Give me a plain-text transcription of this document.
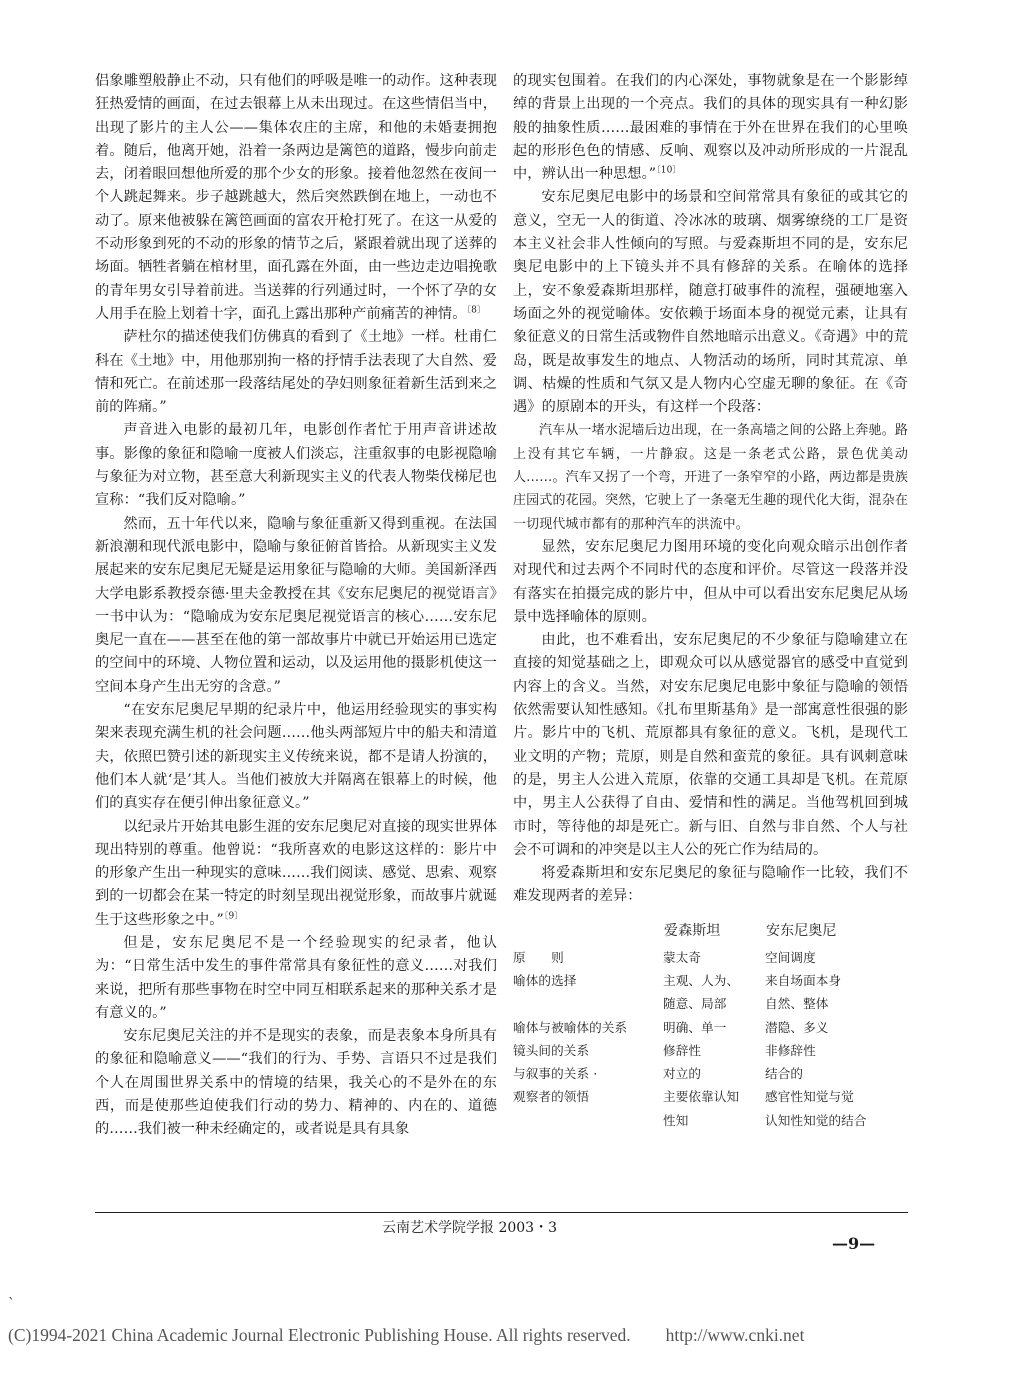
侣象雕塑般静止不动，只有他们的呼吸是唯一的动作。这种表现狂热爱情的画面，在过去银幕上从未出现过。在这些情侣当中，出现了影片的主人公——集体农庄的主席，和他的未婚妻拥抱着。随后，他离开她，沿着一条两边是篱笆的道路，慢步向前走去，闭着眼回想他所爱的那个少女的形象。接着他忽然在夜间一个人跳起舞来。步子越跳越大，然后突然跌倒在地上，一动也不动了。原来他被躲在篱笆画面的富农开枪打死了。在这一从爱的不动形象到死的不动的形象的情节之后，紧跟着就出现了送葬的场面。牺牲者躺在棺材里，面孔露在外面，由一些边走边唱挽歌的青年男女引导着前进。当送葬的行列通过时，一个怀了孕的女人用手在脸上划着十字，面孔上露出那种产前痛苦的神情。$^{〔8〕}$

萨杜尔的描述使我们仿佛真的看到了《土地》一样。杜甫仁科在《土地》中，用他那别拘一格的抒情手法表现了大自然、爱情和死亡。在前述那一段落结尾处的孕妇则象征着新生活到来之前的阵痛。”

声音进入电影的最初几年，电影创作者忙于用声音讲述故事。影像的象征和隐喻一度被人们淡忘，注重叙事的电影视隐喻与象征为对立物，甚至意大利新现实主义的代表人物柴伐梯尼也宣称：“我们反对隐喻。”

然而，五十年代以来，隐喻与象征重新又得到重视。在法国新浪潮和现代派电影中，隐喻与象征俯首皆拾。从新现实主义发展起来的安东尼奥尼无疑是运用象征与隐喻的大师。美国新泽西大学电影系教授奈德·里夫金教授在其《安东尼奥尼的视觉语言》一书中认为：“隐喻成为安东尼奥尼视觉语言的核心……安东尼奥尼一直在——甚至在他的第一部故事片中就已开始运用已选定的空间中的环境、人物位置和运动，以及运用他的摄影机使这一空间本身产生出无穷的含意。”

“在安东尼奥尼早期的纪录片中，他运用经验现实的事实构架来表现充满生机的社会问题……他头两部短片中的船夫和清道夫，依照巴赞引述的新现实主义传统来说，都不是请人扮演的，他们本人就‘是’其人。当他们被放大并隔离在银幕上的时候，他们的真实存在便引伸出象征意义。”

以纪录片开始其电影生涯的安东尼奥尼对直接的现实世界体现出特别的尊重。他曾说：“我所喜欢的电影这这样的：影片中的形象产生出一种现实的意味……我们阅读、感觉、思索、观察到的一切都会在某一特定的时刻呈现出视觉形象，而故事片就诞生于这些形象之中。”$^{〔9〕}$

但是，安东尼奥尼不是一个经验现实的纪录者，他认为：“日常生活中发生的事件常常具有象征性的意义……对我们来说，把所有那些事物在时空中同互相联系起来的那种关系才是有意义的。”

安东尼奥尼关注的并不是现实的表象，而是表象本身所具有的象征和隐喻意义——“我们的行为、手势、言语只不过是我们个人在周围世界关系中的情境的结果，我关心的不是外在的东西，而是使那些迫使我们行动的势力、精神的、内在的、道德的……我们被一种未经确定的，或者说是具有具象

的现实包围着。在我们的内心深处，事物就象是在一个影影绰绰的背景上出现的一个亮点。我们的具体的现实具有一种幻影般的抽象性质……最困难的事情在于外在世界在我们的心里唤起的形形色色的情感、反响、观察以及冲动所形成的一片混乱中，辨认出一种思想。”$^{〔10〕}$

安东尼奥尼电影中的场景和空间常常具有象征的或其它的意义，空无一人的街道、冷冰冰的玻璃、烟雾缭绕的工厂是资本主义社会非人性倾向的写照。与爱森斯坦不同的是，安东尼奥尼电影中的上下镜头并不具有修辞的关系。在喻体的选择上，安不象爱森斯坦那样，随意打破事件的流程，强硬地塞入场面之外的视觉喻体。安依赖于场面本身的视觉元素，让具有象征意义的日常生活或物件自然地暗示出意义。《奇遇》中的荒岛，既是故事发生的地点、人物活动的场所，同时其荒凉、单调、枯燥的性质和气氛又是人物内心空虚无聊的象征。在《奇遇》的原剧本的开头，有这样一个段落：

汽车从一堵水泥墙后边出现，在一条高墙之间的公路上奔驰。路上没有其它车辆，一片静寂。这是一条老式公路，景色优美动人……。汽车又拐了一个弯，开进了一条窄窄的小路，两边都是贵族庄园式的花园。突然，它驶上了一条毫无生趣的现代化大街，混杂在一切现代城市都有的那种汽车的洪流中。

显然，安东尼奥尼力图用环境的变化向观众暗示出创作者对现代和过去两个不同时代的态度和评价。尽管这一段落并没有落实在拍摄完成的影片中，但从中可以看出安东尼奥尼从场景中选择喻体的原则。

由此，也不难看出，安东尼奥尼的不少象征与隐喻建立在直接的知觉基础之上，即观众可以从感觉器官的感受中直觉到内容上的含义。当然，对安东尼奥尼电影中象征与隐喻的领悟依然需要认知性感知。《扎布里斯基角》是一部寓意性很强的影片。影片中的飞机、荒原都具有象征的意义。飞机，是现代工业文明的产物；荒原，则是自然和蛮荒的象征。具有讽刺意味的是，男主人公进入荒原，依靠的交通工具却是飞机。在荒原中，男主人公获得了自由、爱情和性的满足。当他驾机回到城市时，等待他的却是死亡。新与旧、自然与非自然、个人与社会不可调和的冲突是以主人公的死亡作为结局的。

将爱森斯坦和安东尼奥尼的象征与隐喻作一比较，我们不难发现两者的差异：

	爱森斯坦	安东尼奥尼
原　　则	蒙太奇	空间调度
喻体的选择	主观、人为、	来自场面本身
	随意、局部	自然、整体
喻体与被喻体的关系	明确、单一	潜隐、多义
镜头间的关系	修辞性	非修辞性
与叙事的关系 ·	对立的	结合的
观察者的领悟	主要依靠认知	感官性知觉与觉
	性知	认知性知觉的结合
云南艺术学院学报 2003・3
—9—
`
(C)1994-2021 China Academic Journal Electronic Publishing House. All rights reserved.　　http://www.cnki.net
